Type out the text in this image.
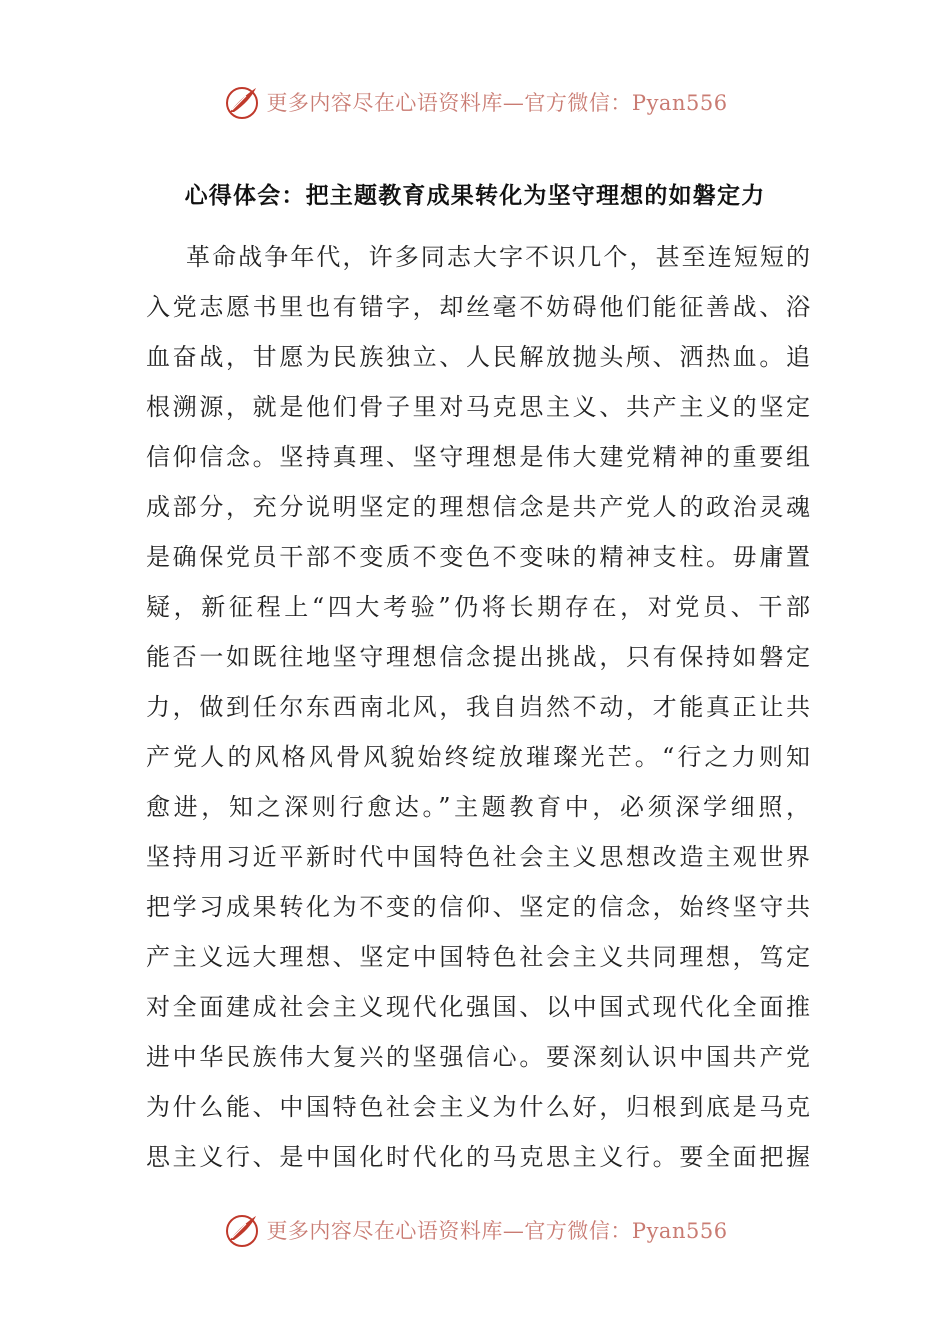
更多内容尽在心语资料库—官方微信：Pyan556
心得体会：把主题教育成果转化为坚守理想的如磐定力
革命战争年代，许多同志大字不识几个，甚至连短短的
入党志愿书里也有错字，却丝毫不妨碍他们能征善战、浴
血奋战，甘愿为民族独立、人民解放抛头颅、洒热血。追
根溯源，就是他们骨子里对马克思主义、共产主义的坚定
信仰信念。坚持真理、坚守理想是伟大建党精神的重要组
成部分，充分说明坚定的理想信念是共产党人的政治灵魂
是确保党员干部不变质不变色不变味的精神支柱。毋庸置
疑，新征程上“四大考验”仍将长期存在，对党员、干部
能否一如既往地坚守理想信念提出挑战，只有保持如磐定
力，做到任尔东西南北风，我自岿然不动，才能真正让共
产党人的风格风骨风貌始终绽放璀璨光芒。“行之力则知
愈进，知之深则行愈达。”主题教育中，必须深学细照，
坚持用习近平新时代中国特色社会主义思想改造主观世界
把学习成果转化为不变的信仰、坚定的信念，始终坚守共
产主义远大理想、坚定中国特色社会主义共同理想，笃定
对全面建成社会主义现代化强国、以中国式现代化全面推
进中华民族伟大复兴的坚强信心。要深刻认识中国共产党
为什么能、中国特色社会主义为什么好，归根到底是马克
思主义行、是中国化时代化的马克思主义行。要全面把握
更多内容尽在心语资料库—官方微信：Pyan556
